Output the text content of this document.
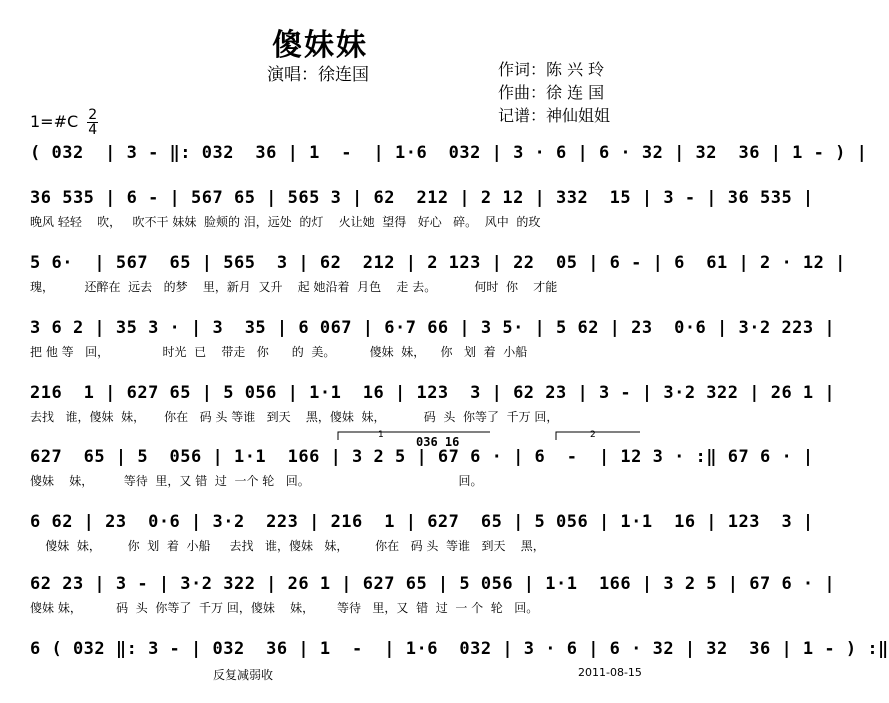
傻妹妹
演唱：徐连国	作词：陈 兴 玲
作曲：徐 连 国
记谱：神仙姐姐
1=#C $\frac{2}{4}$
( 032  | 3 - ‖: 032  36 | 1  -  | 1·6  032 | 3 · 6 | 6 · 32 | 32  36 | 1 - ) |
36 535 | 6 - | 567 65 | 565 3 | 62  212 | 2 12 | 332  15 | 3 - | 36 535 |
晚风 轻轻    吹，   吹不干 妹妹  脸颊的 泪，远处  的灯    火让她  望得   好心   碎。  风中  的玫
5 6·  | 567  65 | 565  3 | 62  212 | 2 123 | 22  05 | 6 - | 6  61 | 2 · 12 |
瑰，        还醉在  远去   的梦    里，新月  又升    起 她沿着  月色    走 去。          何时  你    才能
3 6 2 | 35 3 · | 3  35 | 6 067 | 6·7 66 | 3 5· | 5 62 | 23  0·6 | 3·2 223 |
把 他 等   回，              时光  已    带走   你      的  美。         傻妹  妹，    你   划  着  小船
216  1 | 627 65 | 5 056 | 1·1  16 | 123  3 | 62 23 | 3 - | 3·2 322 | 26 1 |
去找   谁，傻妹  妹，     你在   码 头 等谁   到天    黑，傻妹  妹，          码  头  你等了  千万 回，
627  65 | 5  056 | 1·1  166 | 3 2 5 | 67 6 · | 6  -  | 12 3 · :‖ 67 6 · |
傻妹    妹，        等待  里，又 错  过  一个 轮   回。                                       回。
6 62 | 23  0·6 | 3·2  223 | 216  1 | 627  65 | 5 056 | 1·1  16 | 123  3 |
傻妹  妹，       你  划  着  小船     去找   谁，傻妹   妹，       你在   码 头  等谁   到天    黑，
62 23 | 3 - | 3·2 322 | 26 1 | 627 65 | 5 056 | 1·1  166 | 3 2 5 | 67 6 · |
傻妹 妹，         码  头  你等了  千万 回，傻妹    妹，      等待   里，又  错  过  一 个  轮   回。
6 ( 032 ‖: 3 - | 032  36 | 1  -  | 1·6  032 | 3 · 6 | 6 · 32 | 32  36 | 1 - ) :‖
1	036 16	2
反复减弱收	2011-08-15
